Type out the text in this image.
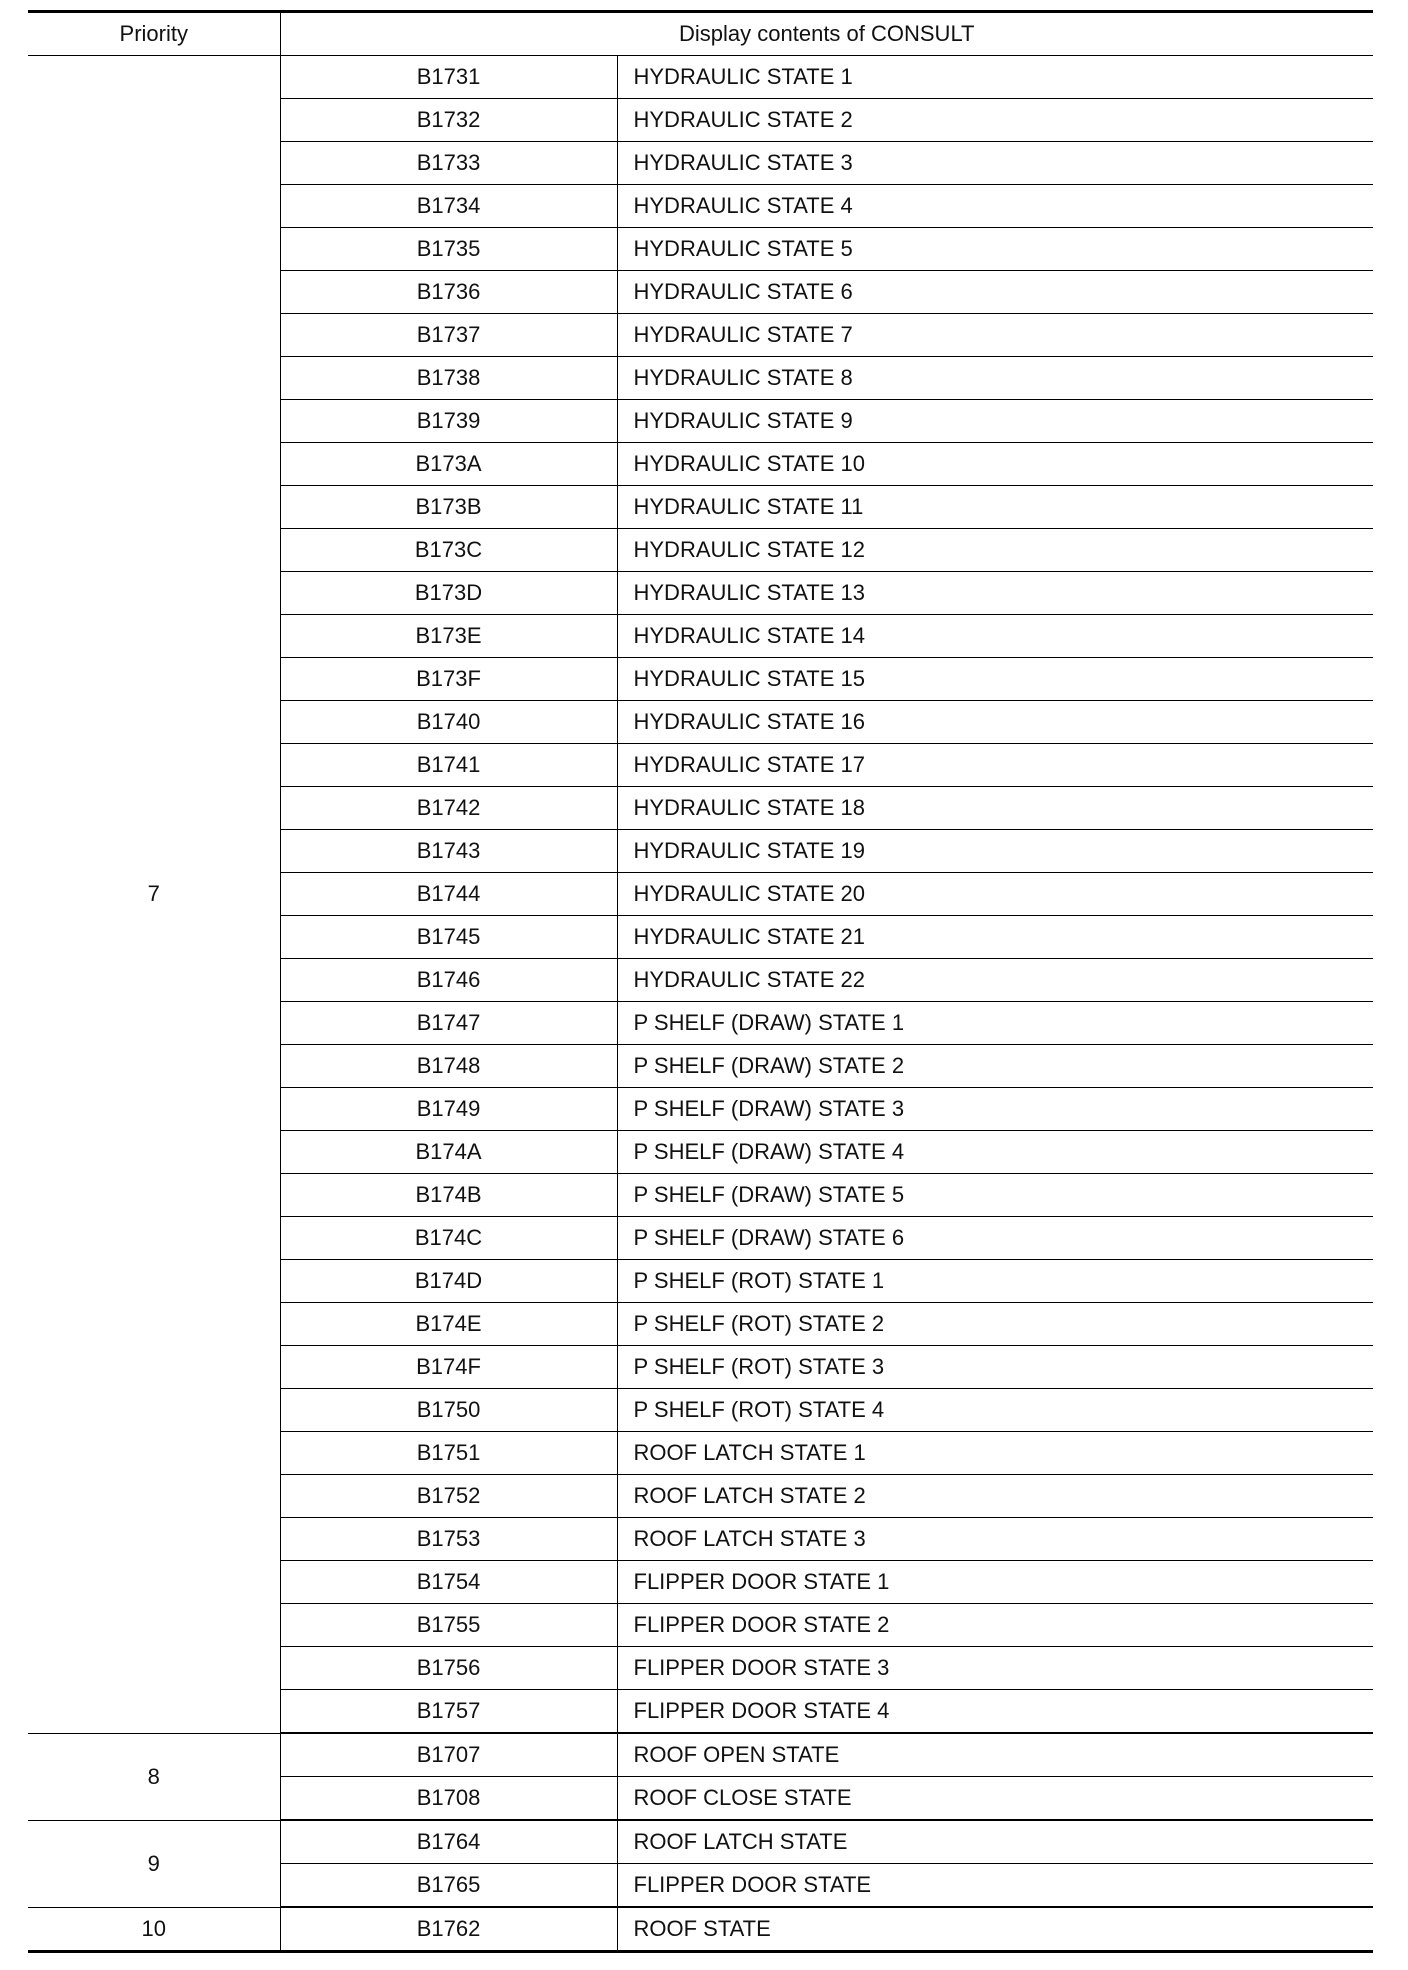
Priority	Display contents of CONSULT	
7	B1731	HYDRAULIC STATE 1
	B1732	HYDRAULIC STATE 2
	B1733	HYDRAULIC STATE 3
	B1734	HYDRAULIC STATE 4
	B1735	HYDRAULIC STATE 5
	B1736	HYDRAULIC STATE 6
	B1737	HYDRAULIC STATE 7
	B1738	HYDRAULIC STATE 8
	B1739	HYDRAULIC STATE 9
	B173A	HYDRAULIC STATE 10
	B173B	HYDRAULIC STATE 11
	B173C	HYDRAULIC STATE 12
	B173D	HYDRAULIC STATE 13
	B173E	HYDRAULIC STATE 14
	B173F	HYDRAULIC STATE 15
	B1740	HYDRAULIC STATE 16
	B1741	HYDRAULIC STATE 17
	B1742	HYDRAULIC STATE 18
	B1743	HYDRAULIC STATE 19
	B1744	HYDRAULIC STATE 20
	B1745	HYDRAULIC STATE 21
	B1746	HYDRAULIC STATE 22
	B1747	P SHELF (DRAW) STATE 1
	B1748	P SHELF (DRAW) STATE 2
	B1749	P SHELF (DRAW) STATE 3
	B174A	P SHELF (DRAW) STATE 4
	B174B	P SHELF (DRAW) STATE 5
	B174C	P SHELF (DRAW) STATE 6
	B174D	P SHELF (ROT) STATE 1
	B174E	P SHELF (ROT) STATE 2
	B174F	P SHELF (ROT) STATE 3
	B1750	P SHELF (ROT) STATE 4
	B1751	ROOF LATCH STATE 1
	B1752	ROOF LATCH STATE 2
	B1753	ROOF LATCH STATE 3
	B1754	FLIPPER DOOR STATE 1
	B1755	FLIPPER DOOR STATE 2
	B1756	FLIPPER DOOR STATE 3
	B1757	FLIPPER DOOR STATE 4
8	B1707	ROOF OPEN STATE
	B1708	ROOF CLOSE STATE
9	B1764	ROOF LATCH STATE
	B1765	FLIPPER DOOR STATE
10	B1762	ROOF STATE
